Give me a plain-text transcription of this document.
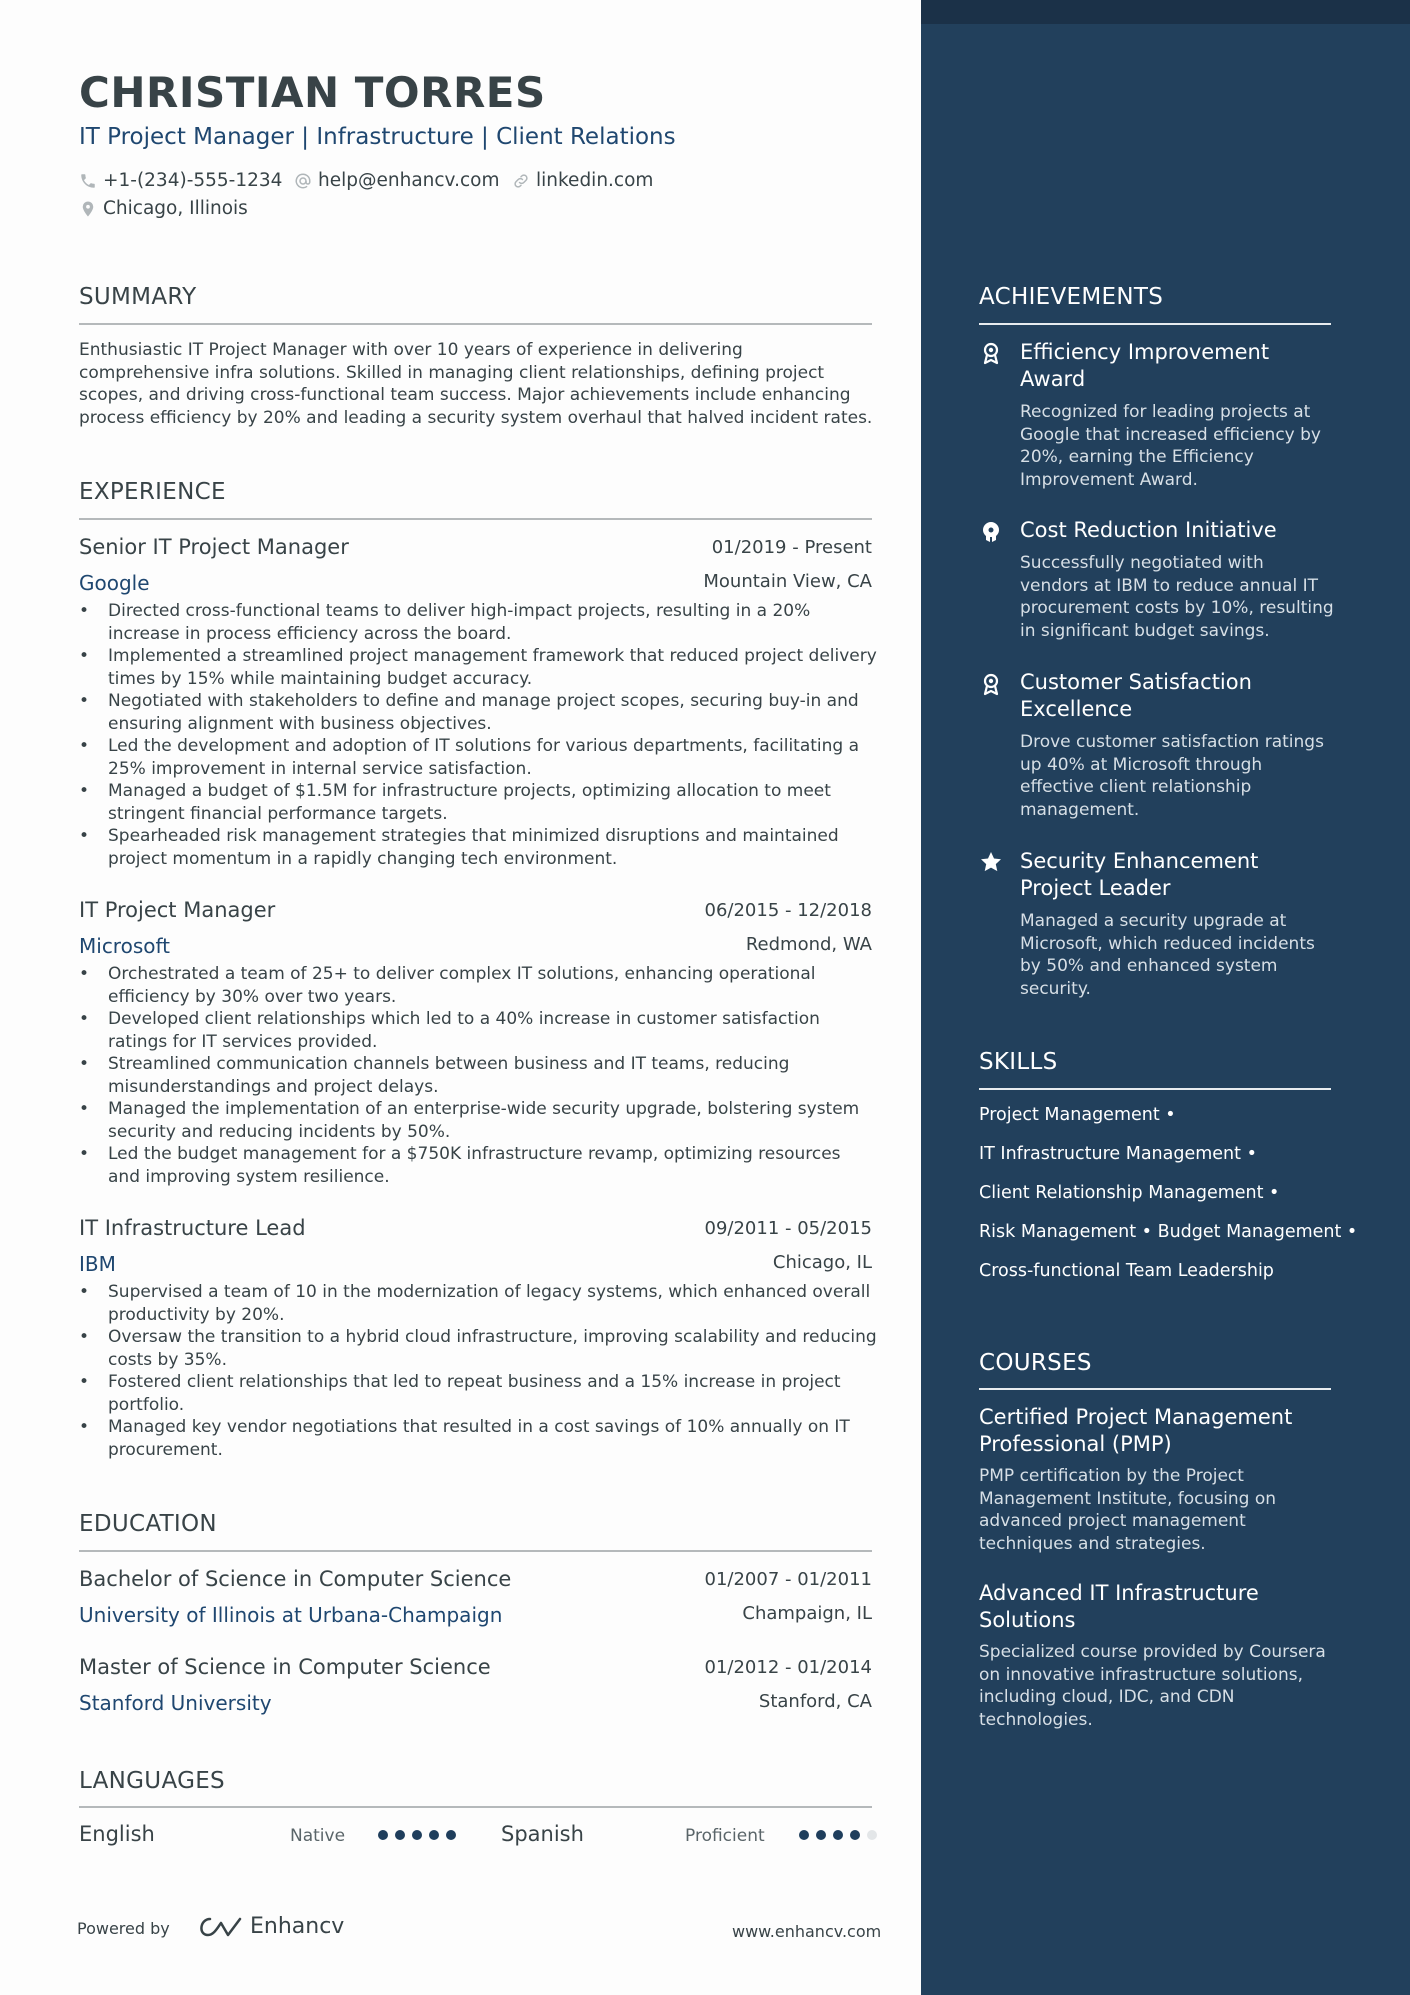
CHRISTIAN TORRES
IT Project Manager | Infrastructure | Client Relations
+1-(234)-555-1234 help@enhancv.com linkedin.com
Chicago, Illinois
SUMMARY
Enthusiastic IT Project Manager with over 10 years of experience in delivering
comprehensive infra solutions. Skilled in managing client relationships, defining project
scopes, and driving cross-functional team success. Major achievements include enhancing
process efficiency by 20% and leading a security system overhaul that halved incident rates.
EXPERIENCE
Senior IT Project Manager	01/2019 - Present
Google	Mountain View, CA
• Directed cross-functional teams to deliver high-impact projects, resulting in a 20%
increase in process efficiency across the board.
• Implemented a streamlined project management framework that reduced project delivery
times by 15% while maintaining budget accuracy.
• Negotiated with stakeholders to define and manage project scopes, securing buy-in and
ensuring alignment with business objectives.
• Led the development and adoption of IT solutions for various departments, facilitating a
25% improvement in internal service satisfaction.
• Managed a budget of $1.5M for infrastructure projects, optimizing allocation to meet
stringent financial performance targets.
• Spearheaded risk management strategies that minimized disruptions and maintained
project momentum in a rapidly changing tech environment.
IT Project Manager	06/2015 - 12/2018
Microsoft	Redmond, WA
• Orchestrated a team of 25+ to deliver complex IT solutions, enhancing operational
efficiency by 30% over two years.
• Developed client relationships which led to a 40% increase in customer satisfaction
ratings for IT services provided.
• Streamlined communication channels between business and IT teams, reducing
misunderstandings and project delays.
• Managed the implementation of an enterprise-wide security upgrade, bolstering system
security and reducing incidents by 50%.
• Led the budget management for a $750K infrastructure revamp, optimizing resources
and improving system resilience.
IT Infrastructure Lead	09/2011 - 05/2015
IBM	Chicago, IL
• Supervised a team of 10 in the modernization of legacy systems, which enhanced overall
productivity by 20%.
• Oversaw the transition to a hybrid cloud infrastructure, improving scalability and reducing
costs by 35%.
• Fostered client relationships that led to repeat business and a 15% increase in project
portfolio.
• Managed key vendor negotiations that resulted in a cost savings of 10% annually on IT
procurement.
EDUCATION
Bachelor of Science in Computer Science	01/2007 - 01/2011
University of Illinois at Urbana-Champaign	Champaign, IL
Master of Science in Computer Science	01/2012 - 01/2014
Stanford University	Stanford, CA
LANGUAGES
English	Native	Spanish	Proficient
Powered by	Enhancv	www.enhancv.com
ACHIEVEMENTS
Efficiency Improvement
Award
Recognized for leading projects at
Google that increased efficiency by
20%, earning the Efficiency
Improvement Award.
Cost Reduction Initiative
Successfully negotiated with
vendors at IBM to reduce annual IT
procurement costs by 10%, resulting
in significant budget savings.
Customer Satisfaction
Excellence
Drove customer satisfaction ratings
up 40% at Microsoft through
effective client relationship
management.
Security Enhancement
Project Leader
Managed a security upgrade at
Microsoft, which reduced incidents
by 50% and enhanced system
security.
SKILLS
Project Management •
IT Infrastructure Management •
Client Relationship Management •
Risk Management • Budget Management •
Cross-functional Team Leadership
COURSES
Certified Project Management
Professional (PMP)
PMP certification by the Project
Management Institute, focusing on
advanced project management
techniques and strategies.
Advanced IT Infrastructure
Solutions
Specialized course provided by Coursera
on innovative infrastructure solutions,
including cloud, IDC, and CDN
technologies.
